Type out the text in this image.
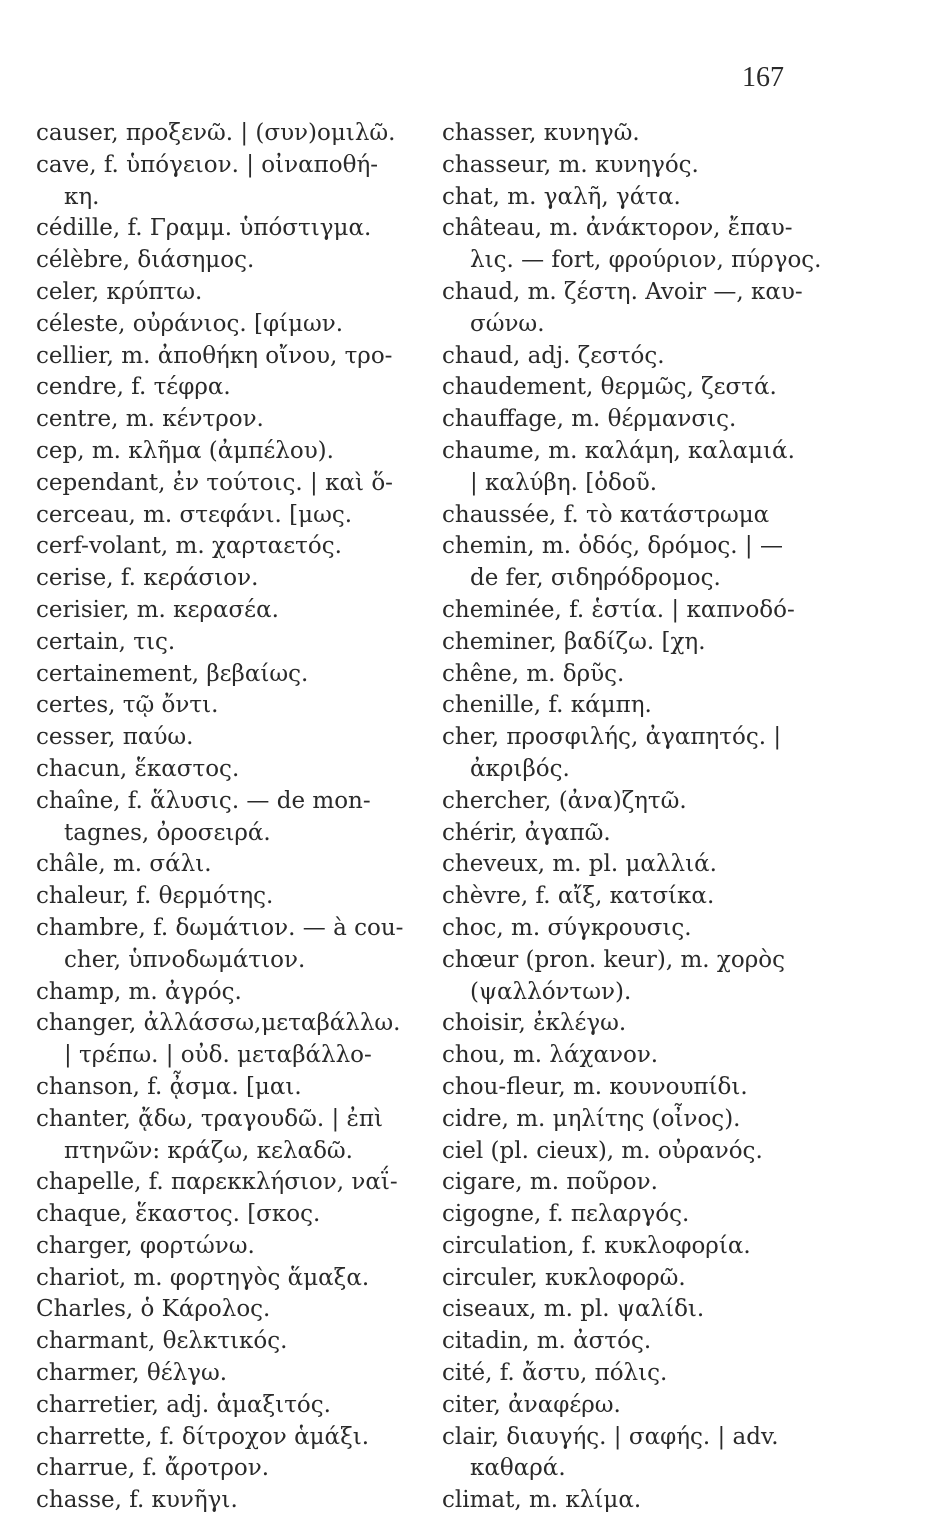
167
causer, προξενῶ. | (συν)ομιλῶ.
cave, f. ὑπόγειον. | οἰναποθή-
κη.
cédille, f. Γραμμ. ὑπόστιγμα.
célèbre, διάσημος.
celer, κρύπτω.
céleste, οὐράνιος. [φίμων.
cellier, m. ἀποθήκη οἴνου, τρο-
cendre, f. τέφρα.
centre, m. κέντρον.
cep, m. κλῆμα (ἀμπέλου).
cependant, ἐν τούτοις. | καὶ ὅ-
cerceau, m. στεφάνι. [μως.
cerf-volant, m. χαρταετός.
cerise, f. κεράσιον.
cerisier, m. κερασέα.
certain, τις.
certainement, βεβαίως.
certes, τῷ ὄντι.
cesser, παύω.
chacun, ἕκαστος.
chaîne, f. ἅλυσις. — de mon-
tagnes, ὀροσειρά.
châle, m. σάλι.
chaleur, f. θερμότης.
chambre, f. δωμάτιον. — à cou-
cher, ὑπνοδωμάτιον.
champ, m. ἀγρός.
changer, ἀλλάσσω,μεταβάλλω.
| τρέπω. | οὐδ. μεταβάλλο-
chanson, f. ᾆσμα. [μαι.
chanter, ᾄδω, τραγουδῶ. | ἐπὶ
πτηνῶν: κράζω, κελαδῶ.
chapelle, f. παρεκκλήσιον, ναΐ-
chaque, ἕκαστος. [σκος.
charger, φορτώνω.
chariot, m. φορτηγὸς ἅμαξα.
Charles, ὁ Κάρολος.
charmant, θελκτικός.
charmer, θέλγω.
charretier, adj. ἁμαξιτός.
charrette, f. δίτροχον ἁμάξι.
charrue, f. ἄροτρον.
chasse, f. κυνῆγι.
chasser, κυνηγῶ.
chasseur, m. κυνηγός.
chat, m. γαλῆ, γάτα.
château, m. ἀνάκτορον, ἔπαυ-
λις. — fort, φρούριον, πύργος.
chaud, m. ζέστη. Avoir —, καυ-
σώνω.
chaud, adj. ζεστός.
chaudement, θερμῶς, ζεστά.
chauffage, m. θέρμανσις.
chaume, m. καλάμη, καλαμιά.
| καλύβη. [ὁδοῦ.
chaussée, f. τὸ κατάστρωμα
chemin, m. ὁδός, δρόμος. | —
de fer, σιδηρόδρομος.
cheminée, f. ἑστία. | καπνοδό-
cheminer, βαδίζω. [χη.
chêne, m. δρῦς.
chenille, f. κάμπη.
cher, προσφιλής, ἀγαπητός. |
ἀκριβός.
chercher, (ἀνα)ζητῶ.
chérir, ἀγαπῶ.
cheveux, m. pl. μαλλιά.
chèvre, f. αἴξ, κατσίκα.
choc, m. σύγκρουσις.
chœur (pron. keur), m. χορὸς
(ψαλλόντων).
choisir, ἐκλέγω.
chou, m. λάχανον.
chou-fleur, m. κουνουπίδι.
cidre, m. μηλίτης (οἶνος).
ciel (pl. cieux), m. οὐρανός.
cigare, m. ποῦρον.
cigogne, f. πελαργός.
circulation, f. κυκλοφορία.
circuler, κυκλοφορῶ.
ciseaux, m. pl. ψαλίδι.
citadin, m. ἀστός.
cité, f. ἄστυ, πόλις.
citer, ἀναφέρω.
clair, διαυγής. | σαφής. | adv.
καθαρά.
climat, m. κλίμα.
